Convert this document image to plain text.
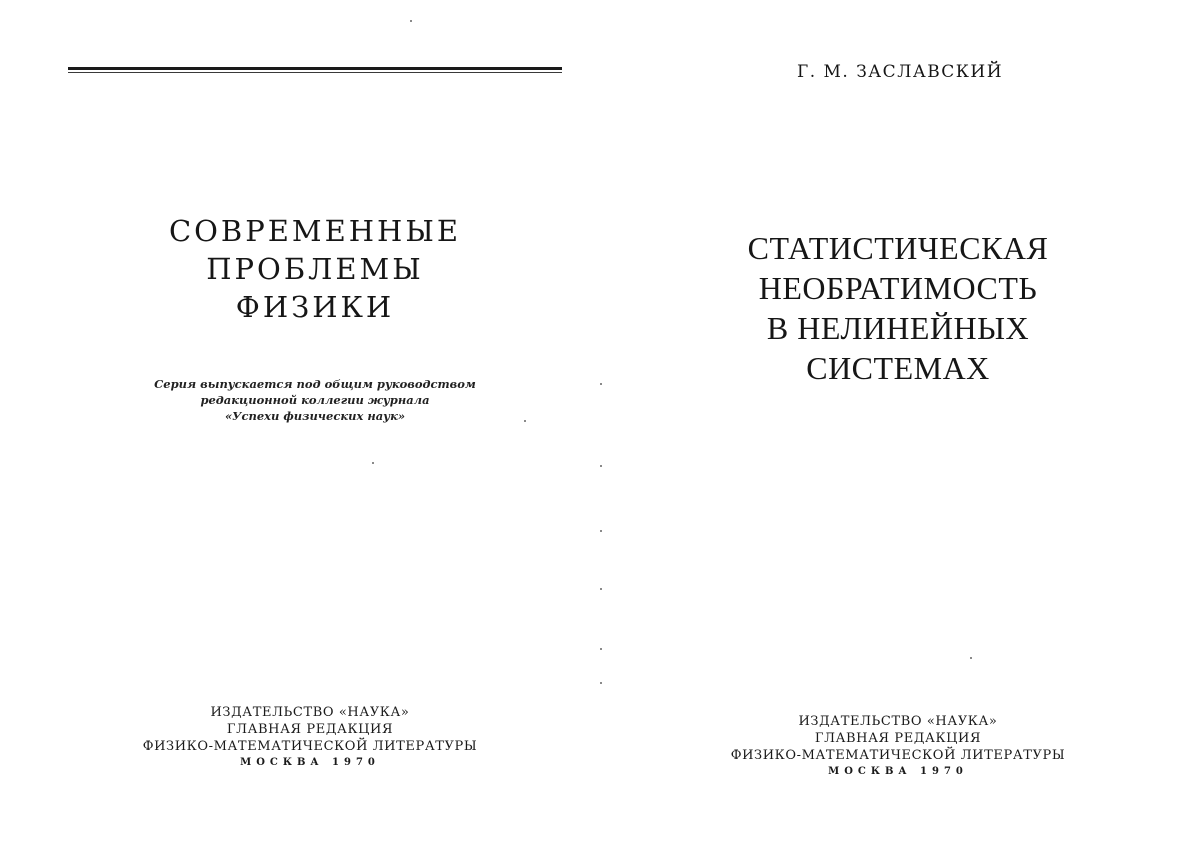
СОВРЕМЕННЫЕ
ПРОБЛЕМЫ
ФИЗИКИ
Серия выпускается под общим руководством
редакционной коллегии журнала
«Успехи физических наук»
ИЗДАТЕЛЬСТВО «НАУКА»
ГЛАВНАЯ РЕДАКЦИЯ
ФИЗИКО-МАТЕМАТИЧЕСКОЙ ЛИТЕРАТУРЫ
МОСКВА 1970
Г. М. ЗАСЛАВСКИЙ
СТАТИСТИЧЕСКАЯ
НЕОБРАТИМОСТЬ
В НЕЛИНЕЙНЫХ
СИСТЕМАХ
ИЗДАТЕЛЬСТВО «НАУКА»
ГЛАВНАЯ РЕДАКЦИЯ
ФИЗИКО-МАТЕМАТИЧЕСКОЙ ЛИТЕРАТУРЫ
МОСКВА 1970
